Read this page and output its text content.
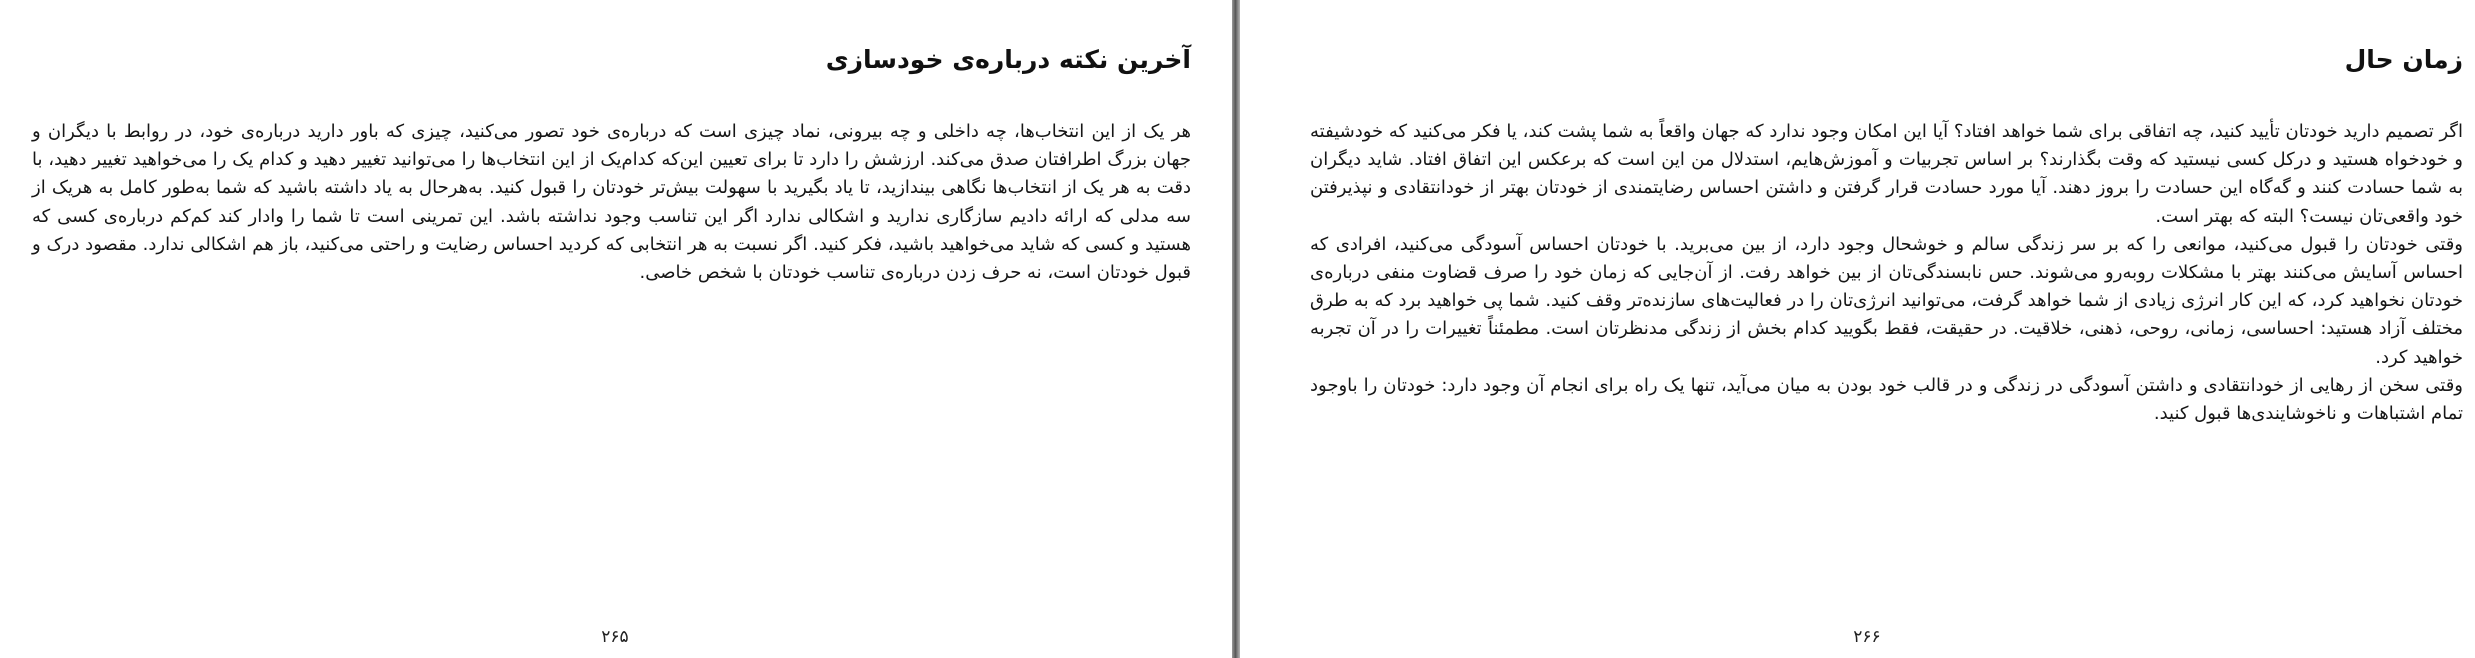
آخرین نکته درباره‌ی خودسازی

هر یک از این انتخاب‌ها، چه داخلی و چه بیرونی، نماد چیزی است که درباره‌ی خود تصور می‌کنید، چیزی که باور دارید درباره‌ی خود، در روابط با دیگران و جهان بزرگ اطرافتان صدق می‌کند. ارزشش را دارد تا برای تعیین این‌که کدام‌یک از این انتخاب‌ها را می‌توانید تغییر دهید و کدام یک را می‌خواهید تغییر دهید، با دقت به هر یک از انتخاب‌ها نگاهی بیندازید، تا یاد بگیرید با سهولت بیش‌تر خودتان را قبول کنید. به‌هرحال به یاد داشته باشید که شما به‌طور کامل به هریک از سه مدلی که ارائه دادیم سازگاری ندارید و اشکالی ندارد اگر این تناسب وجود نداشته باشد. این تمرینی است تا شما را وادار کند کم‌کم درباره‌ی کسی که هستید و کسی که شاید می‌خواهید باشید، فکر کنید. اگر نسبت به هر انتخابی که کردید احساس رضایت و راحتی می‌کنید، باز هم اشکالی ندارد. مقصود درک و قبول خودتان است، نه حرف زدن درباره‌ی تناسب خودتان با شخص خاصی.

۲۶۵
زمان حال

اگر تصمیم دارید خودتان تأیید کنید، چه اتفاقی برای شما خواهد افتاد؟ آیا این امکان وجود ندارد که جهان واقعاً به شما پشت کند، یا فکر می‌کنید که خودشیفته و خودخواه هستید و درکل کسی نیستید که وقت بگذارند؟ بر اساس تجربیات و آموزش‌هایم، استدلال من این است که برعکس این اتفاق افتاد. شاید دیگران به شما حسادت کنند و گه‌گاه این حسادت را بروز دهند. آیا مورد حسادت قرار گرفتن و داشتن احساس رضایتمندی از خودتان بهتر از خودانتقادی و نپذیرفتن خود واقعی‌تان نیست؟ البته که بهتر است.

وقتی خودتان را قبول می‌کنید، موانعی را که بر سر زندگی سالم و خوشحال وجود دارد، از بین می‌برید. با خودتان احساس آسودگی می‌کنید، افرادی که احساس آسایش می‌کنند بهتر با مشکلات روبه‌رو می‌شوند. حس نابسندگی‌تان از بین خواهد رفت. از آن‌جایی که زمان خود را صرف قضاوت منفی درباره‌ی خودتان نخواهید کرد، که این کار انرژی زیادی از شما خواهد گرفت، می‌توانید انرژی‌تان را در فعالیت‌های سازنده‌تر وقف کنید. شما پی خواهید برد که به طرق مختلف آزاد هستید: احساسی، زمانی، روحی، ذهنی، خلاقیت. در حقیقت، فقط بگویید کدام بخش از زندگی مدنظرتان است. مطمئناً تغییرات را در آن تجربه خواهید کرد.

وقتی سخن از رهایی از خودانتقادی و داشتن آسودگی در زندگی و در قالب خود بودن به میان می‌آید، تنها یک راه برای انجام آن وجود دارد: خودتان را باوجود تمام اشتباهات و ناخوشایندی‌ها قبول کنید.

۲۶۶
